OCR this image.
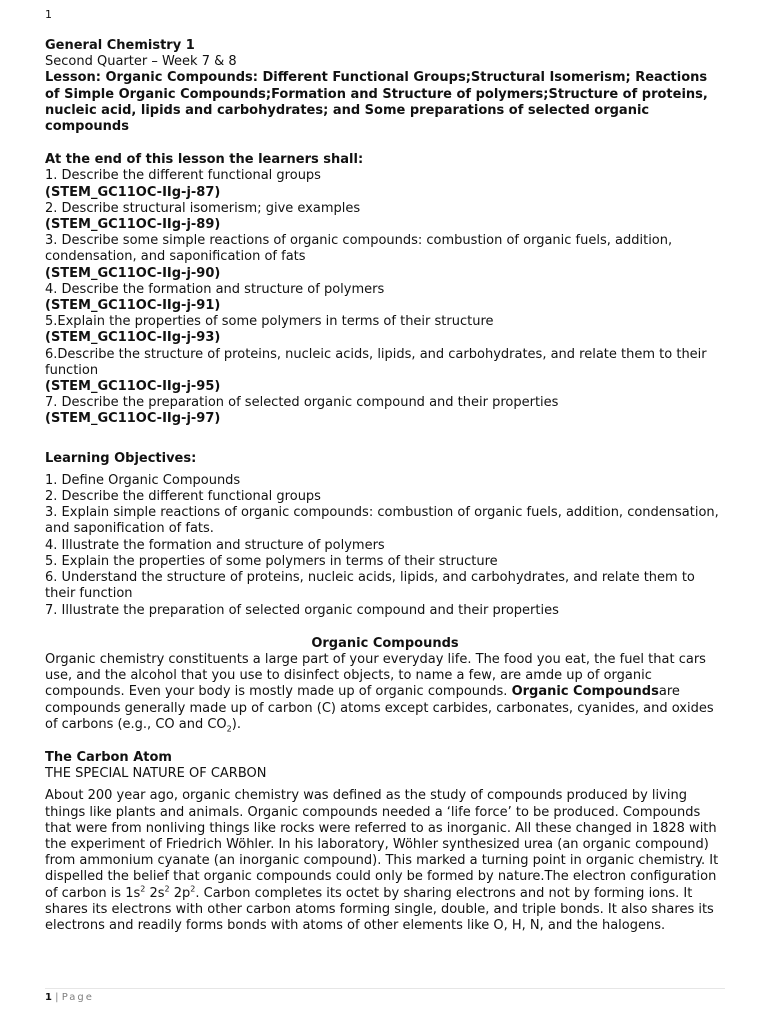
1
General Chemistry 1
Second Quarter – Week 7 & 8
Lesson: Organic Compounds: Different Functional Groups;Structural Isomerism; Reactions of Simple Organic Compounds;Formation and Structure of polymers;Structure of proteins, nucleic acid, lipids and carbohydrates; and Some preparations of selected organic compounds
At the end of this lesson the learners shall:
1. Describe the different functional groups
(STEM_GC11OC-IIg-j-87)
2. Describe structural isomerism; give examples
(STEM_GC11OC-IIg-j-89)
3. Describe some simple reactions of organic compounds: combustion of organic fuels, addition, condensation, and saponification of fats
(STEM_GC11OC-IIg-j-90)
4. Describe the formation and structure of polymers
(STEM_GC11OC-IIg-j-91)
5.Explain the properties of some polymers in terms of their structure
(STEM_GC11OC-IIg-j-93)
6.Describe the structure of proteins, nucleic acids, lipids, and carbohydrates, and relate them to their function
(STEM_GC11OC-IIg-j-95)
7. Describe the preparation of selected organic compound and their properties
(STEM_GC11OC-IIg-j-97)
Learning Objectives:
1. Define Organic Compounds
2. Describe the different functional groups
3. Explain simple reactions of organic compounds: combustion of organic fuels, addition, condensation, and saponification of fats.
4. Illustrate the formation and structure of polymers
5. Explain the properties of some polymers in terms of their structure
6. Understand the structure of proteins, nucleic acids, lipids, and carbohydrates, and relate them to their function
7. Illustrate the preparation of selected organic compound and their properties
Organic Compounds
Organic chemistry constituents a large part of your everyday life. The food you eat, the fuel that cars use, and the alcohol that you use to disinfect objects, to name a few, are amde up of organic compounds. Even your body is mostly made up of organic compounds. Organic Compoundsare compounds generally made up of carbon (C) atoms except carbides, carbonates, cyanides, and oxides of carbons (e.g., CO and $CO_2$).
The Carbon Atom
THE SPECIAL NATURE OF CARBON
About 200 year ago, organic chemistry was defined as the study of compounds produced by living things like plants and animals. Organic compounds needed a ‘life force’ to be produced. Compounds that were from nonliving things like rocks were referred to as inorganic. All these changed in 1828 with the experiment of Friedrich Wöhler. In his laboratory, Wöhler synthesized urea (an organic compound) from ammonium cyanate (an inorganic compound). This marked a turning point in organic chemistry. It dispelled the belief that organic compounds could only be formed by nature.The electron configuration of carbon is $1s^2$ $2s^2$ $2p^2$. Carbon completes its octet by sharing electrons and not by forming ions. It shares its electrons with other carbon atoms forming single, double, and triple bonds. It also shares its electrons and readily forms bonds with atoms of other elements like O, H, N, and the halogens.
1 | Page
